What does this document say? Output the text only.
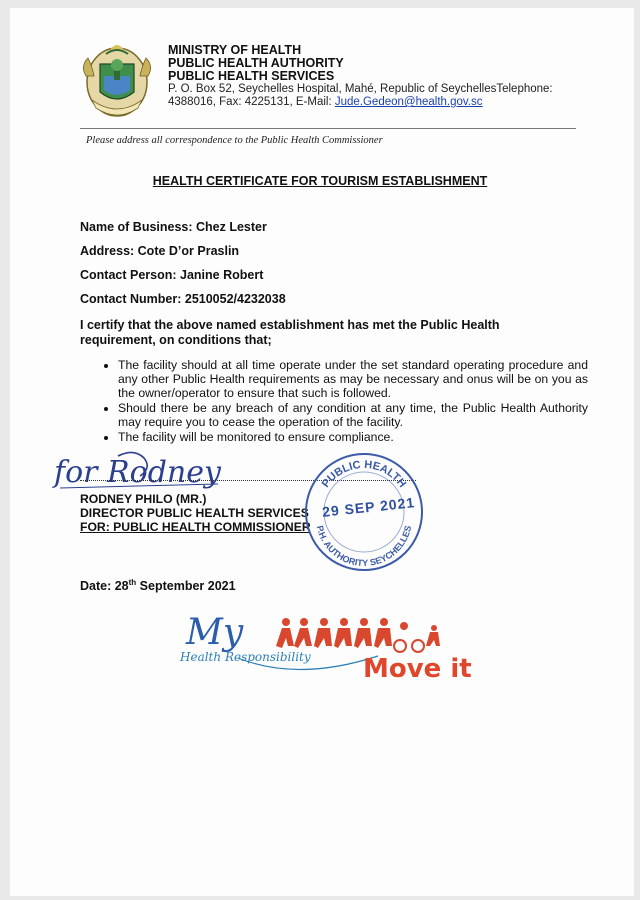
MINISTRY OF HEALTH
PUBLIC HEALTH AUTHORITY
PUBLIC HEALTH SERVICES
P. O. Box 52, Seychelles Hospital, Mahé, Republic of SeychellesTelephone:
4388016, Fax: 4225131, E-Mail: Jude.Gedeon@health.gov.sc
Please address all correspondence to the Public Health Commissioner
HEALTH CERTIFICATE FOR TOURISM ESTABLISHMENT
Name of Business: Chez Lester
Address: Cote D’or Praslin
Contact Person: Janine Robert
Contact Number: 2510052/4232038
I certify that the above named establishment has met the Public Health requirement, on conditions that;
• The facility should at all time operate under the set standard operating procedure and any other Public Health requirements as may be necessary and onus will be on you as the owner/operator to ensure that such is followed.
• Should there be any breach of any condition at any time, the Public Health Authority may require you to cease the operation of the facility.
• The facility will be monitored to ensure compliance.
for Rodney
RODNEY PHILO (MR.)
DIRECTOR PUBLIC HEALTH SERVICES
FOR: PUBLIC HEALTH COMMISSIONER
PUBLIC HEALTH
P.H. AUTHORITY SEYCHELLES
29 SEP 2021
Date: 28th September 2021
My
Health Responsibility Move it
